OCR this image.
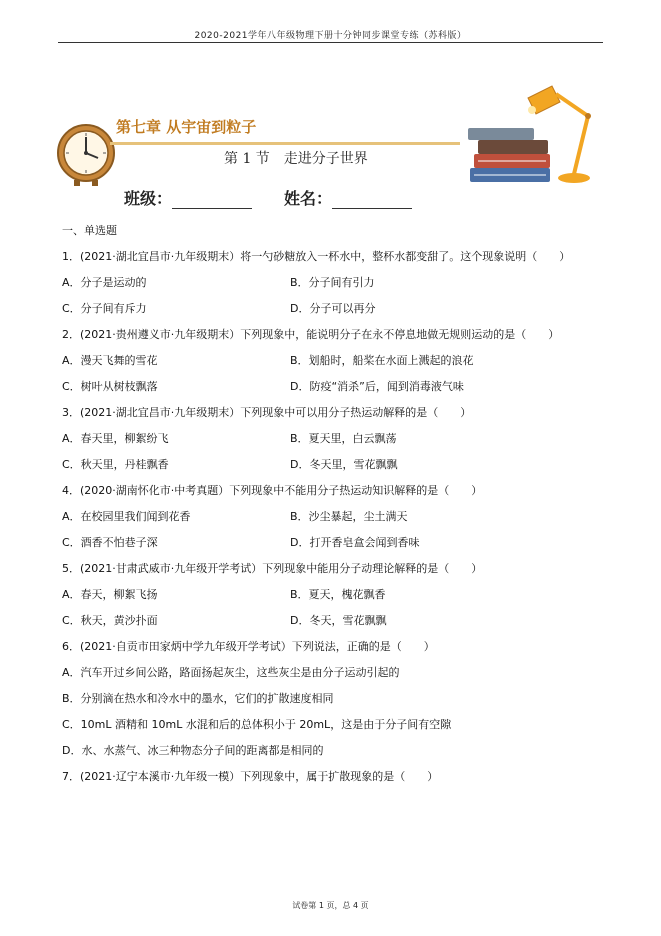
2020-2021学年八年级物理下册十分钟同步课堂专练（苏科版）
第七章 从宇宙到粒子
第 1 节　走进分子世界
班级：	姓名：
一、单选题
1．(2021·湖北宜昌市·九年级期末）将一勺砂糖放入一杯水中，整杯水都变甜了。这个现象说明（　　）
A．分子是运动的	B．分子间有引力
C．分子间有斥力	D．分子可以再分
2．(2021·贵州遵义市·九年级期末）下列现象中，能说明分子在永不停息地做无规则运动的是（　　）
A．漫天飞舞的雪花	B．划船时，船桨在水面上溅起的浪花
C．树叶从树枝飘落	D．防疫“消杀”后，闻到消毒液气味
3．(2021·湖北宜昌市·九年级期末）下列现象中可以用分子热运动解释的是（　　）
A．春天里，柳絮纷飞	B．夏天里，白云飘荡
C．秋天里，丹桂飘香	D．冬天里，雪花飘飘
4．(2020·湖南怀化市·中考真题）下列现象中不能用分子热运动知识解释的是（　　）
A．在校园里我们闻到花香	B．沙尘暴起，尘土满天
C．酒香不怕巷子深	D．打开香皂盒会闻到香味
5．(2021·甘肃武威市·九年级开学考试）下列现象中能用分子动理论解释的是（　　）
A．春天，柳絮飞扬	B．夏天，槐花飘香
C．秋天，黄沙扑面	D．冬天，雪花飘飘
6．(2021·自贡市田家炳中学九年级开学考试）下列说法，正确的是（　　）
A．汽车开过乡间公路，路面扬起灰尘，这些灰尘是由分子运动引起的
B．分别滴在热水和冷水中的墨水，它们的扩散速度相同
C．10mL 酒精和 10mL 水混和后的总体积小于 20mL，这是由于分子间有空隙
D．水、水蒸气、冰三种物态分子间的距离都是相同的
7．(2021·辽宁本溪市·九年级一模）下列现象中，属于扩散现象的是（　　）
试卷第 1 页，总 4 页
